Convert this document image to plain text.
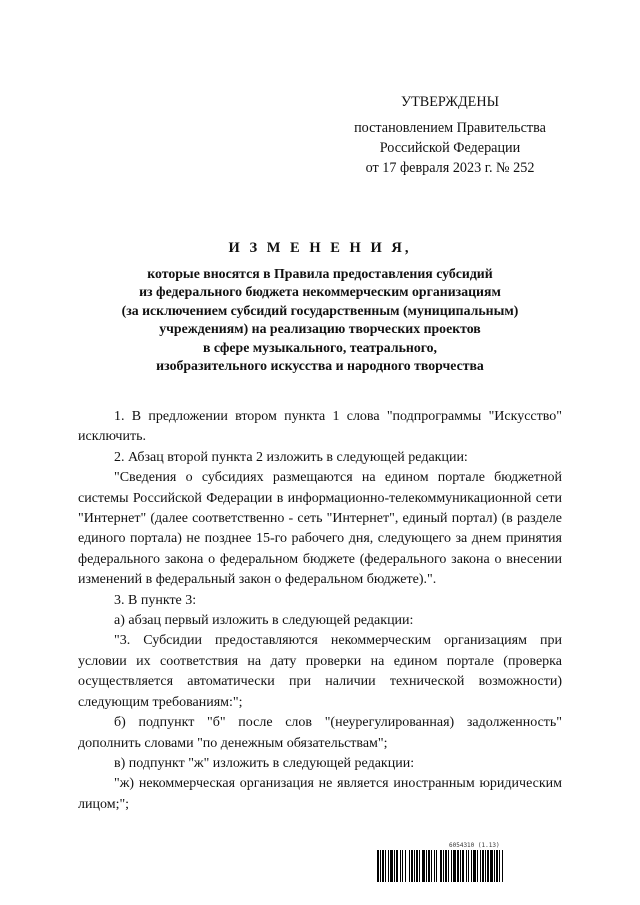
УТВЕРЖДЕНЫ
постановлением Правительства
Российской Федерации
от 17 февраля 2023 г. № 252
И З М Е Н Е Н И Я,
которые вносятся в Правила предоставления субсидий
из федерального бюджета некоммерческим организациям
(за исключением субсидий государственным (муниципальным)
учреждениям) на реализацию творческих проектов
в сфере музыкального, театрального,
изобразительного искусства и народного творчества

1. В предложении втором пункта 1 слова "подпрограммы "Искусство" исключить.

2. Абзац второй пункта 2 изложить в следующей редакции:

"Сведения о субсидиях размещаются на едином портале бюджетной системы Российской Федерации в информационно-телекоммуникационной сети "Интернет" (далее соответственно - сеть "Интернет", единый портал) (в разделе единого портала) не позднее 15-го рабочего дня, следующего за днем принятия федерального закона о федеральном бюджете (федерального закона о внесении изменений в федеральный закон о федеральном бюджете).".

3. В пункте 3:

а) абзац первый изложить в следующей редакции:

"3. Субсидии предоставляются некоммерческим организациям при условии их соответствия на дату проверки на едином портале (проверка осуществляется автоматически при наличии технической возможности) следующим требованиям:";

б) подпункт "б" после слов "(неурегулированная) задолженность" дополнить словами "по денежным обязательствам";

в) подпункт "ж" изложить в следующей редакции:

"ж) некоммерческая организация не является иностранным юридическим лицом;";

6054310 (1.13)
